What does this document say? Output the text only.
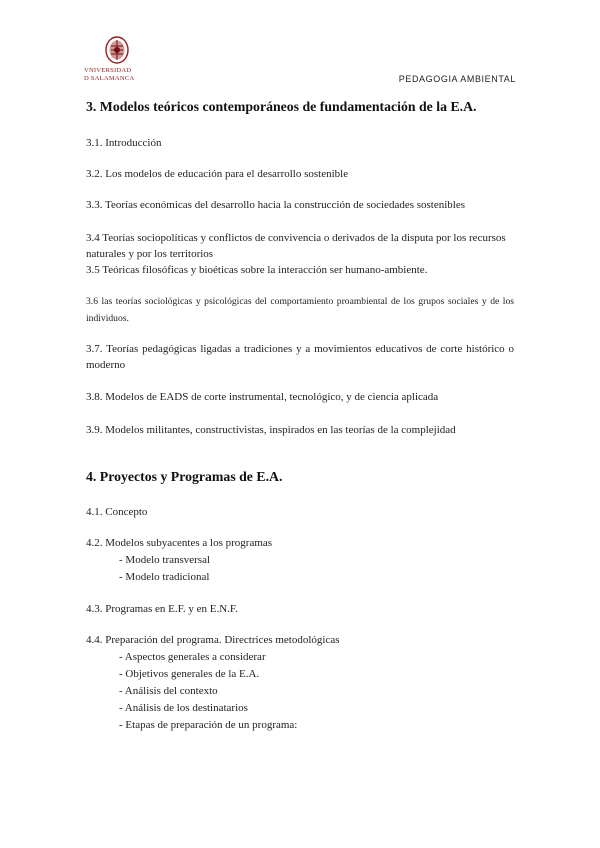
VNIVERSIDAD
D SALAMANCA	PEDAGOGIA AMBIENTAL
3. Modelos teóricos contemporáneos de fundamentación de la E.A.
3.1. Introducción
3.2. Los modelos de educación para el desarrollo sostenible
3.3. Teorías económicas del desarrollo hacia la construcción de sociedades sostenibles
3.4 Teorías sociopolíticas y conflictos de convivencia o derivados de la disputa por los recursos naturales y por los territorios
3.5 Teóricas filosóficas y bioéticas sobre la interacción ser humano-ambiente.
3.6 las teorías sociológicas y psicológicas del comportamiento proambiental de los grupos sociales y de los individuos.
3.7. Teorías pedagógicas ligadas a tradiciones y a movimientos educativos de corte histórico o moderno
3.8. Modelos de EADS de corte instrumental, tecnológico, y de ciencia aplicada
3.9. Modelos militantes, constructivistas, inspirados en las teorías de la complejidad
4. Proyectos y Programas de E.A.
4.1. Concepto
4.2. Modelos subyacentes a los programas
- Modelo transversal
- Modelo tradicional
4.3. Programas en E.F. y en E.N.F.
4.4. Preparación del programa. Directrices metodológicas
- Aspectos generales a considerar
- Objetivos generales de la E.A.
- Análisis del contexto
- Análisis de los destinatarios
- Etapas de preparación de un programa:
